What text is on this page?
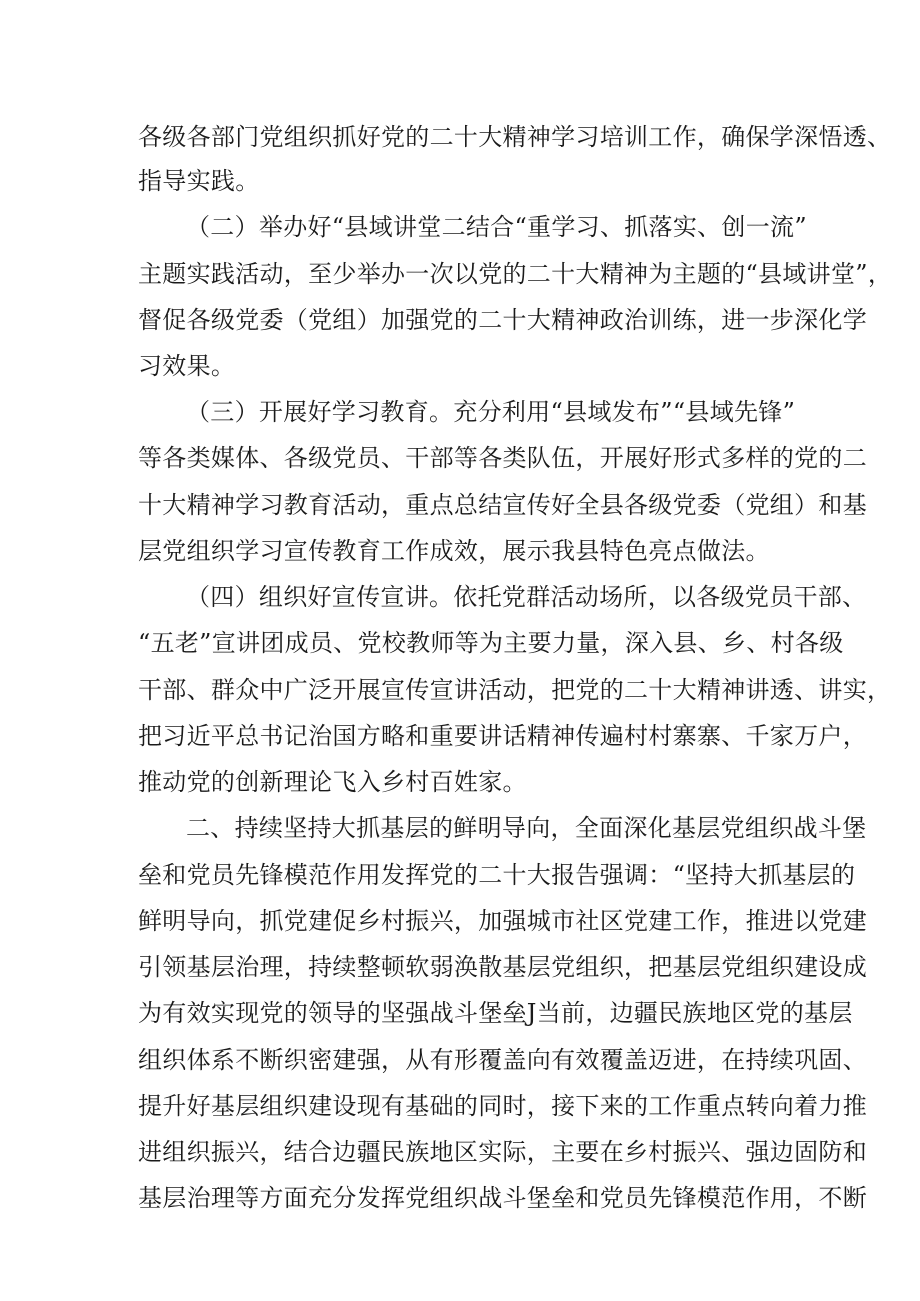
各级各部门党组织抓好党的二十大精神学习培训工作，确保学深悟透、
指导实践。
（二）举办好“县域讲堂二结合“重学习、抓落实、创一流”
主题实践活动，至少举办一次以党的二十大精神为主题的“县域讲堂”，
督促各级党委（党组）加强党的二十大精神政治训练，进一步深化学
习效果。
（三）开展好学习教育。充分利用“县域发布”“县域先锋”
等各类媒体、各级党员、干部等各类队伍，开展好形式多样的党的二
十大精神学习教育活动，重点总结宣传好全县各级党委（党组）和基
层党组织学习宣传教育工作成效，展示我县特色亮点做法。
（四）组织好宣传宣讲。依托党群活动场所，以各级党员干部、
“五老”宣讲团成员、党校教师等为主要力量，深入县、乡、村各级
干部、群众中广泛开展宣传宣讲活动，把党的二十大精神讲透、讲实，
把习近平总书记治国方略和重要讲话精神传遍村村寨寨、千家万户，
推动党的创新理论飞入乡村百姓家。
二、持续坚持大抓基层的鲜明导向，全面深化基层党组织战斗堡
垒和党员先锋模范作用发挥党的二十大报告强调：“坚持大抓基层的
鲜明导向，抓党建促乡村振兴，加强城市社区党建工作，推进以党建
引领基层治理，持续整顿软弱涣散基层党组织，把基层党组织建设成
为有效实现党的领导的坚强战斗堡垒J当前，边疆民族地区党的基层
组织体系不断织密建强，从有形覆盖向有效覆盖迈进，在持续巩固、
提升好基层组织建设现有基础的同时，接下来的工作重点转向着力推
进组织振兴，结合边疆民族地区实际，主要在乡村振兴、强边固防和
基层治理等方面充分发挥党组织战斗堡垒和党员先锋模范作用，不断
